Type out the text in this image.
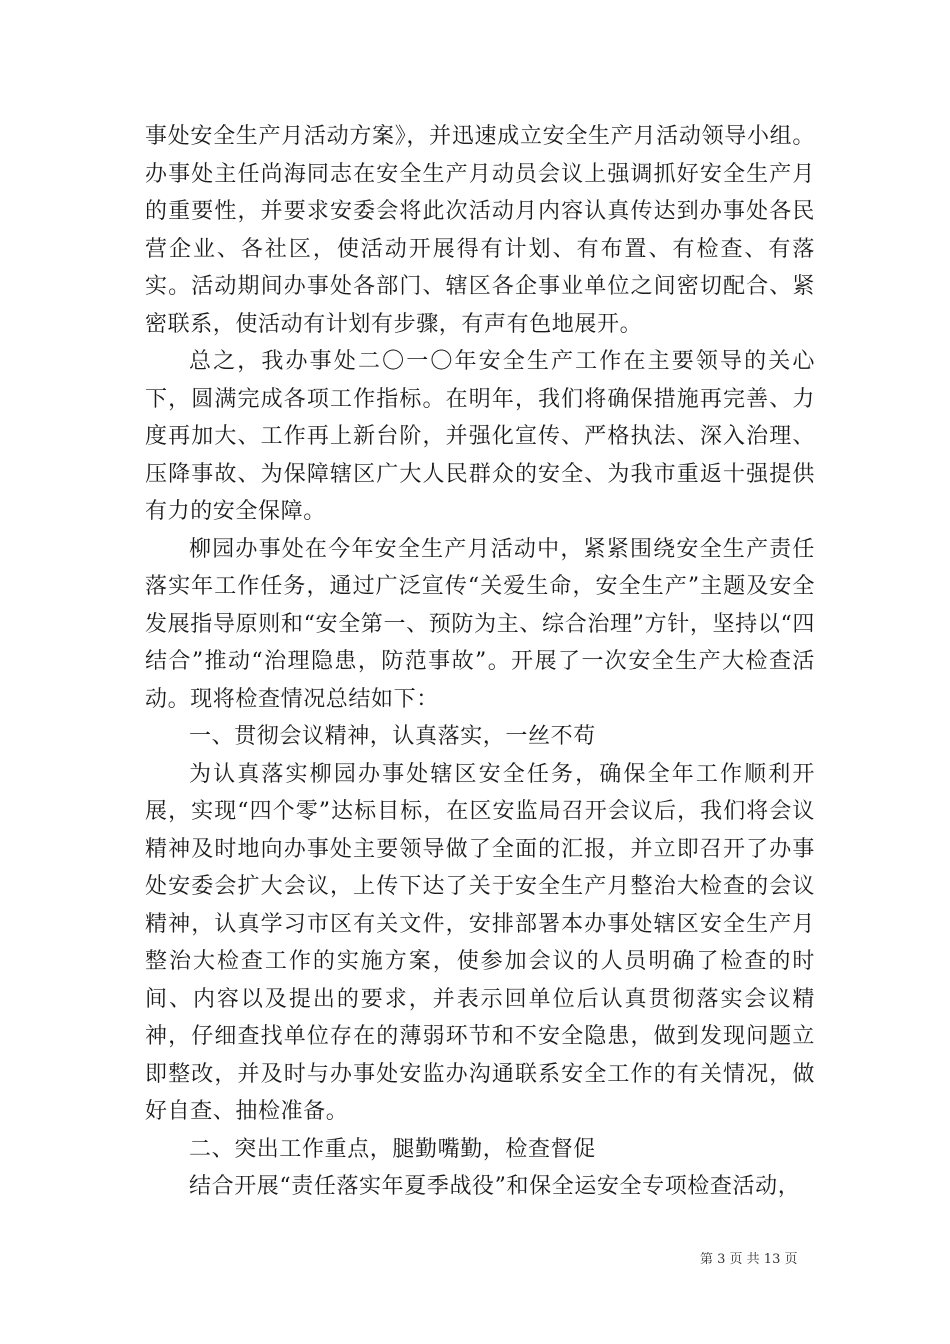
事处安全生产月活动方案》，并迅速成立安全生产月活动领导小组。办事处主任尚海同志在安全生产月动员会议上强调抓好安全生产月的重要性，并要求安委会将此次活动月内容认真传达到办事处各民营企业、各社区，使活动开展得有计划、有布置、有检查、有落实。活动期间办事处各部门、辖区各企事业单位之间密切配合、紧密联系，使活动有计划有步骤，有声有色地展开。

总之，我办事处二〇一〇年安全生产工作在主要领导的关心下，圆满完成各项工作指标。在明年，我们将确保措施再完善、力度再加大、工作再上新台阶，并强化宣传、严格执法、深入治理、压降事故、为保障辖区广大人民群众的安全、为我市重返十强提供有力的安全保障。

柳园办事处在今年安全生产月活动中，紧紧围绕安全生产责任落实年工作任务，通过广泛宣传“关爱生命，安全生产”主题及安全发展指导原则和“安全第一、预防为主、综合治理”方针，坚持以“四结合”推动“治理隐患，防范事故”。开展了一次安全生产大检查活动。现将检查情况总结如下：

一、贯彻会议精神，认真落实，一丝不苟

为认真落实柳园办事处辖区安全任务，确保全年工作顺利开展，实现“四个零”达标目标，在区安监局召开会议后，我们将会议精神及时地向办事处主要领导做了全面的汇报，并立即召开了办事处安委会扩大会议，上传下达了关于安全生产月整治大检查的会议精神，认真学习市区有关文件，安排部署本办事处辖区安全生产月整治大检查工作的实施方案，使参加会议的人员明确了检查的时间、内容以及提出的要求，并表示回单位后认真贯彻落实会议精神，仔细查找单位存在的薄弱环节和不安全隐患，做到发现问题立即整改，并及时与办事处安监办沟通联系安全工作的有关情况，做好自查、抽检准备。

二、突出工作重点，腿勤嘴勤，检查督促

结合开展“责任落实年夏季战役”和保全运安全专项检查活动，

第 3 页 共 13 页
